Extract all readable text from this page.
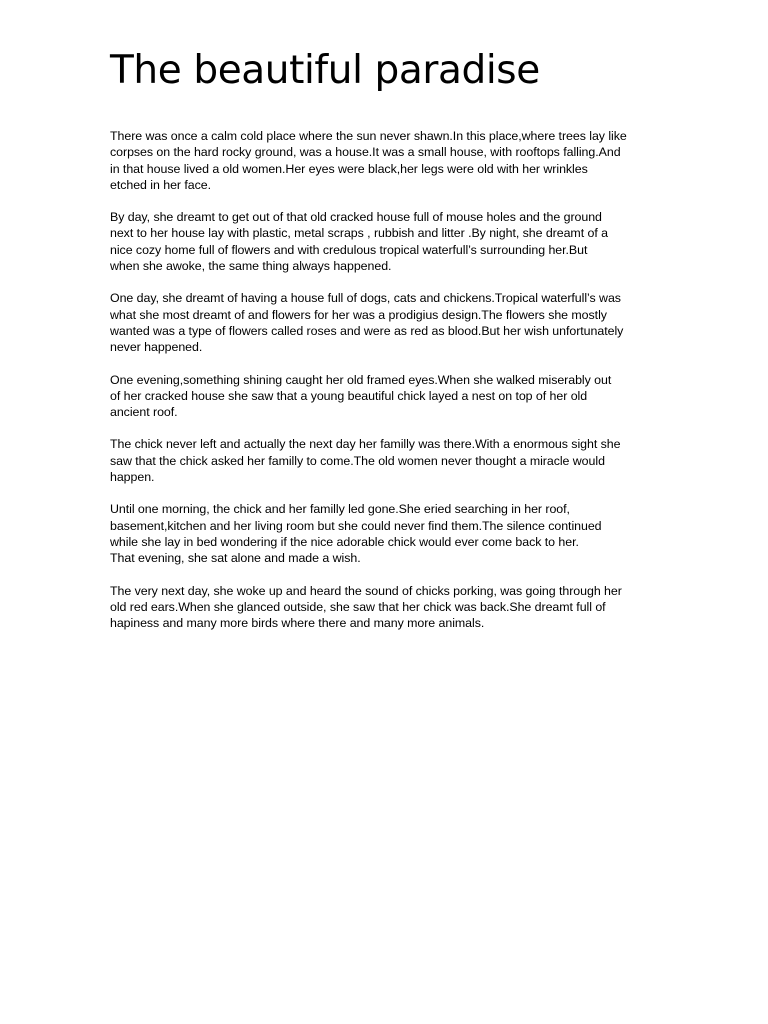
The beautiful paradise

There was once a calm cold place where the sun never shawn.In this place,where trees lay like
corpses on the hard rocky ground, was a house.It was a small house, with rooftops falling.And
in that house lived a old women.Her eyes were black,her legs were old with her wrinkles
etched in her face.

By day, she dreamt to get out of that old cracked house full of mouse holes and the ground
next to her house lay with plastic, metal scraps , rubbish and litter .By night, she dreamt of a
nice cozy home full of flowers and with credulous tropical waterfull’s surrounding her.But
when she awoke, the same thing always happened.

One day, she dreamt of having a house full of dogs, cats and chickens.Tropical waterfull’s was
what she most dreamt of and flowers for her was a prodigius design.The flowers she mostly
wanted was a type of flowers called roses and were as red as blood.But her wish unfortunately
never happened.

One evening,something shining caught her old framed eyes.When she walked miserably out
of her cracked house she saw that a young beautiful chick layed a nest on top of her old
ancient roof.

The chick never left and actually the next day her familly was there.With a enormous sight she
saw that the chick asked her familly to come.The old women never thought a miracle would
happen.

Until one morning, the chick and her familly led gone.She eried searching in her roof,
basement,kitchen and her living room but she could never find them.The silence continued
while she lay in bed wondering if the nice adorable chick would ever come back to her.
That evening, she sat alone and made a wish.

The very next day, she woke up and heard the sound of chicks porking, was going through her
old red ears.When she glanced outside, she saw that her chick was back.She dreamt full of
hapiness and many more birds where there and many more animals.
